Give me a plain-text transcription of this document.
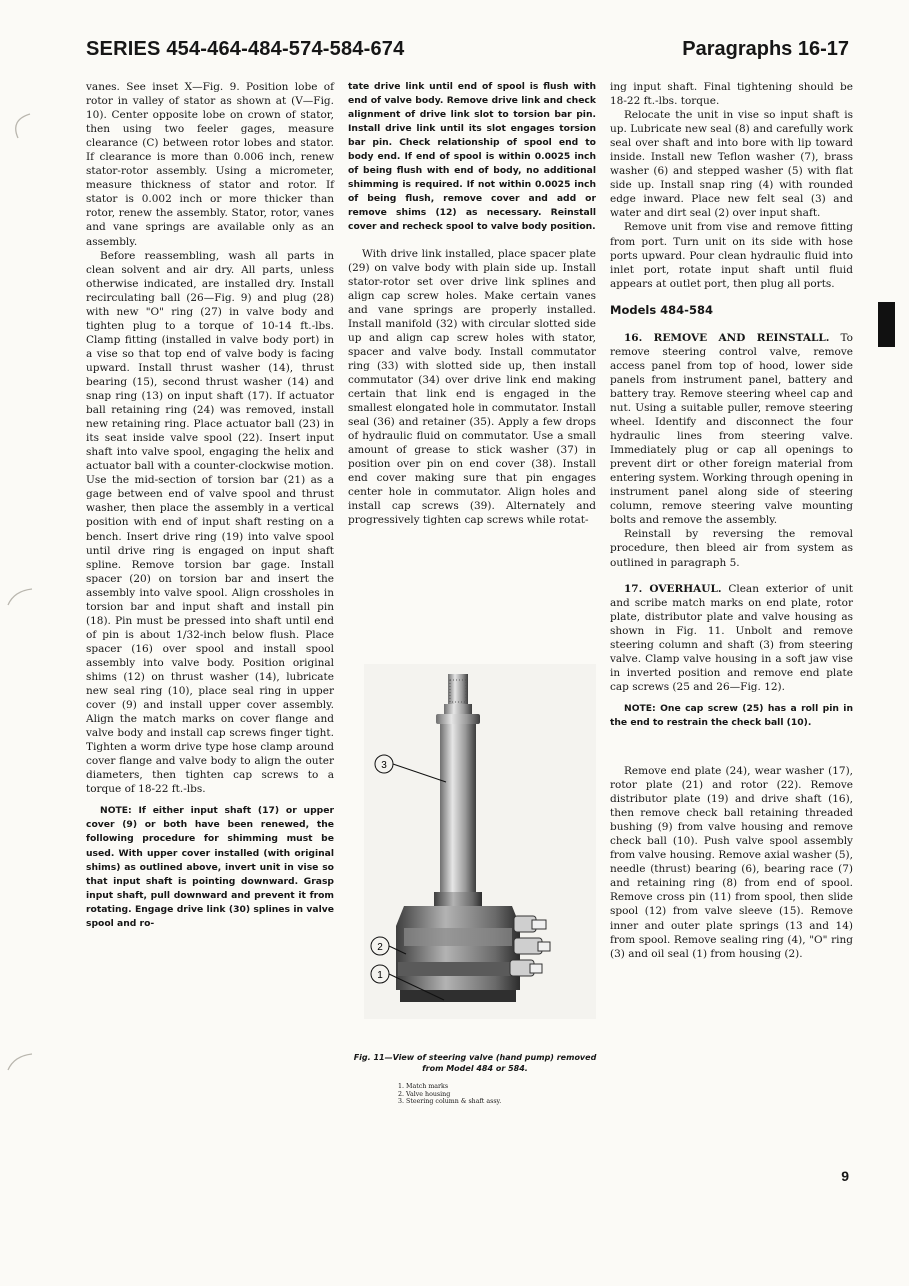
SERIES 454-464-484-574-584-674	Paragraphs 16-17

vanes. See inset X—Fig. 9. Position lobe of rotor in valley of stator as shown at (V—Fig. 10). Center opposite lobe on crown of stator, then using two feeler gages, measure clearance (C) between rotor lobes and stator. If clearance is more than 0.006 inch, renew stator-rotor assembly. Using a micrometer, measure thickness of stator and rotor. If stator is 0.002 inch or more thicker than rotor, renew the assembly. Stator, rotor, vanes and vane springs are available only as an assembly.

Before reassembling, wash all parts in clean solvent and air dry. All parts, unless otherwise indicated, are installed dry. Install recirculating ball (26—Fig. 9) and plug (28) with new "O" ring (27) in valve body and tighten plug to a torque of 10-14 ft.-lbs. Clamp fitting (installed in valve body port) in a vise so that top end of valve body is facing upward. Install thrust washer (14), thrust bearing (15), second thrust washer (14) and snap ring (13) on input shaft (17). If actuator ball retaining ring (24) was removed, install new retaining ring. Place actuator ball (23) in its seat inside valve spool (22). Insert input shaft into valve spool, engaging the helix and actuator ball with a counter-clockwise motion. Use the mid-section of torsion bar (21) as a gage between end of valve spool and thrust washer, then place the assembly in a vertical position with end of input shaft resting on a bench. Insert drive ring (19) into valve spool until drive ring is engaged on input shaft spline. Remove torsion bar gage. Install spacer (20) on torsion bar and insert the assembly into valve spool. Align crossholes in torsion bar and input shaft and install pin (18). Pin must be pressed into shaft until end of pin is about 1/32-inch below flush. Place spacer (16) over spool and install spool assembly into valve body. Position original shims (12) on thrust washer (14), lubricate new seal ring (10), place seal ring in upper cover (9) and install upper cover assembly. Align the match marks on cover flange and valve body and install cap screws finger tight. Tighten a worm drive type hose clamp around cover flange and valve body to align the outer diameters, then tighten cap screws to a torque of 18-22 ft.-lbs.

NOTE: If either input shaft (17) or upper cover (9) or both have been renewed, the following procedure for shimming must be used. With upper cover installed (with original shims) as outlined above, invert unit in vise so that input shaft is pointing downward. Grasp input shaft, pull downward and prevent it from rotating. Engage drive link (30) splines in valve spool and ro-

tate drive link until end of spool is flush with end of valve body. Remove drive link and check alignment of drive link slot to torsion bar pin. Install drive link until its slot engages torsion bar pin. Check relationship of spool end to body end. If end of spool is within 0.0025 inch of being flush with end of body, no additional shimming is required. If not within 0.0025 inch of being flush, remove cover and add or remove shims (12) as necessary. Reinstall cover and recheck spool to valve body position.

With drive link installed, place spacer plate (29) on valve body with plain side up. Install stator-rotor set over drive link splines and align cap screw holes. Make certain vanes and vane springs are properly installed. Install manifold (32) with circular slotted side up and align cap screw holes with stator, spacer and valve body. Install commutator ring (33) with slotted side up, then install commutator (34) over drive link end making certain that link end is engaged in the smallest elongated hole in commutator. Install seal (36) and retainer (35). Apply a few drops of hydraulic fluid on commutator. Use a small amount of grease to stick washer (37) in position over pin on end cover (38). Install end cover making sure that pin engages center hole in commutator. Align holes and install cap screws (39). Alternately and progressively tighten cap screws while rotat-

3
2
1
Fig. 11—View of steering valve (hand pump) removed from Model 484 or 584.
1. Match marks
2. Valve housing
3. Steering column & shaft assy.

ing input shaft. Final tightening should be 18-22 ft.-lbs. torque.

Relocate the unit in vise so input shaft is up. Lubricate new seal (8) and carefully work seal over shaft and into bore with lip toward inside. Install new Teflon washer (7), brass washer (6) and stepped washer (5) with flat side up. Install snap ring (4) with rounded edge inward. Place new felt seal (3) and water and dirt seal (2) over input shaft.

Remove unit from vise and remove fitting from port. Turn unit on its side with hose ports upward. Pour clean hydraulic fluid into inlet port, rotate input shaft until fluid appears at outlet port, then plug all ports.

Models 484-584

16. REMOVE AND REINSTALL. To remove steering control valve, remove access panel from top of hood, lower side panels from instrument panel, battery and battery tray. Remove steering wheel cap and nut. Using a suitable puller, remove steering wheel. Identify and disconnect the four hydraulic lines from steering valve. Immediately plug or cap all openings to prevent dirt or other foreign material from entering system. Working through opening in instrument panel along side of steering column, remove steering valve mounting bolts and remove the assembly.

Reinstall by reversing the removal procedure, then bleed air from system as outlined in paragraph 5.

17. OVERHAUL. Clean exterior of unit and scribe match marks on end plate, rotor plate, distributor plate and valve housing as shown in Fig. 11. Unbolt and remove steering column and shaft (3) from steering valve. Clamp valve housing in a soft jaw vise in inverted position and remove end plate cap screws (25 and 26—Fig. 12).

NOTE: One cap screw (25) has a roll pin in the end to restrain the check ball (10).

Remove end plate (24), wear washer (17), rotor plate (21) and rotor (22). Remove distributor plate (19) and drive shaft (16), then remove check ball retaining threaded bushing (9) from valve housing and remove check ball (10). Push valve spool assembly from valve housing. Remove axial washer (5), needle (thrust) bearing (6), bearing race (7) and retaining ring (8) from end of spool. Remove cross pin (11) from spool, then slide spool (12) from valve sleeve (15). Remove inner and outer plate springs (13 and 14) from spool. Remove sealing ring (4), "O" ring (3) and oil seal (1) from housing (2).

9
